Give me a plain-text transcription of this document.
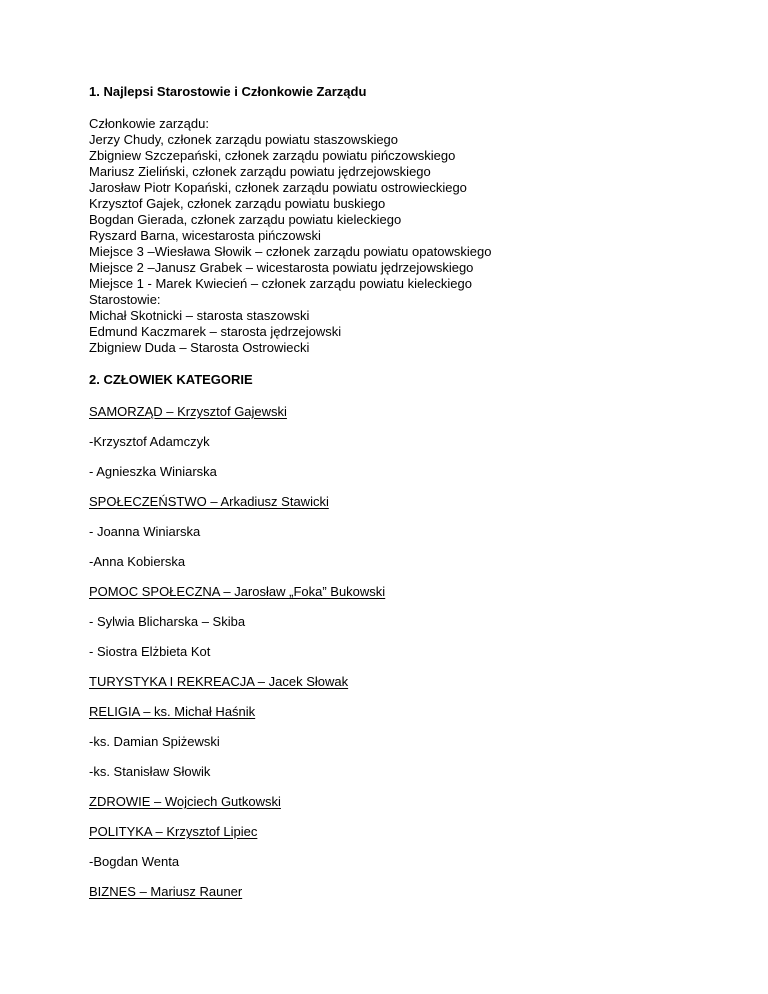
1. Najlepsi Starostowie i Członkowie Zarządu

Członkowie zarządu:
Jerzy Chudy, członek zarządu powiatu staszowskiego
Zbigniew Szczepański, członek zarządu powiatu pińczowskiego
Mariusz Zieliński, członek zarządu powiatu jędrzejowskiego
Jarosław Piotr Kopański, członek zarządu powiatu ostrowieckiego
Krzysztof Gajek, członek zarządu powiatu buskiego
Bogdan Gierada, członek zarządu powiatu kieleckiego
Ryszard Barna, wicestarosta pińczowski
Miejsce 3 –Wiesława Słowik – członek zarządu powiatu opatowskiego
Miejsce 2 –Janusz Grabek – wicestarosta powiatu jędrzejowskiego
Miejsce 1 - Marek Kwiecień – członek zarządu powiatu kieleckiego
Starostowie:
Michał Skotnicki – starosta staszowski
Edmund Kaczmarek – starosta jędrzejowski
Zbigniew Duda – Starosta Ostrowiecki

2. CZŁOWIEK KATEGORIE

SAMORZĄD – Krzysztof Gajewski
-Krzysztof Adamczyk
- Agnieszka Winiarska
SPOŁECZEŃSTWO – Arkadiusz Stawicki
- Joanna Winiarska
-Anna Kobierska
POMOC SPOŁECZNA – Jarosław „Foka” Bukowski
- Sylwia Blicharska – Skiba
- Siostra Elżbieta Kot
TURYSTYKA I REKREACJA – Jacek Słowak
RELIGIA – ks. Michał Haśnik
-ks. Damian Spiżewski
-ks. Stanisław Słowik
ZDROWIE – Wojciech Gutkowski
POLITYKA – Krzysztof Lipiec
-Bogdan Wenta
BIZNES – Mariusz Rauner
